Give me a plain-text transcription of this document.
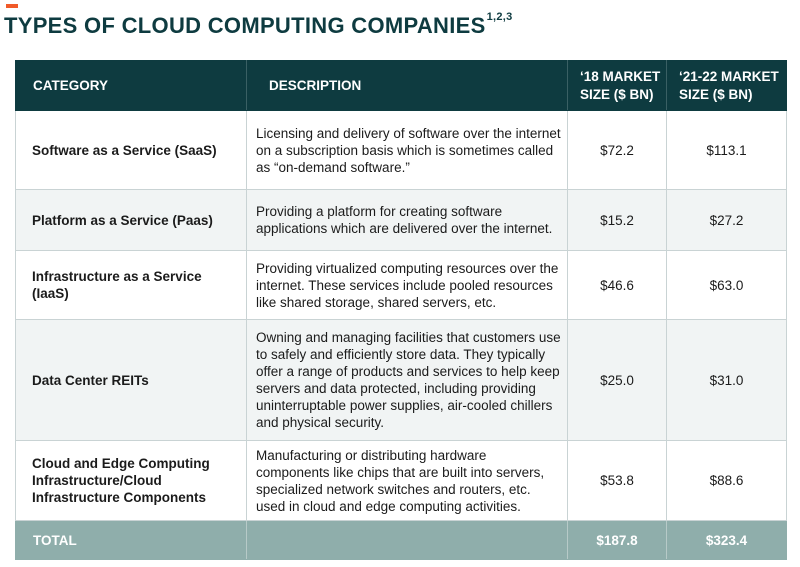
TYPES OF CLOUD COMPUTING COMPANIES$^{1,2,3}$
CATEGORY	DESCRIPTION	‘18 MARKET SIZE ($ BN)	‘21-22 MARKET SIZE ($ BN)
Software as a Service (SaaS)	Licensing and delivery of software over the internet on a subscription basis which is sometimes called as “on-demand software.”	$72.2	$113.1
Platform as a Service (Paas)	Providing a platform for creating software applications which are delivered over the internet.	$15.2	$27.2
Infrastructure as a Service (IaaS)	Providing virtualized computing resources over the internet. These services include pooled resources like shared storage, shared servers, etc.	$46.6	$63.0
Data Center REITs	Owning and managing facilities that customers use to safely and efficiently store data. They typically offer a range of products and services to help keep servers and data protected, including providing uninterruptable power supplies, air-cooled chillers and physical security.	$25.0	$31.0
Cloud and Edge Computing Infrastructure/Cloud Infrastructure Components	Manufacturing or distributing hardware components like chips that are built into servers, specialized network switches and routers, etc. used in cloud and edge computing activities.	$53.8	$88.6
TOTAL		$187.8	$323.4
